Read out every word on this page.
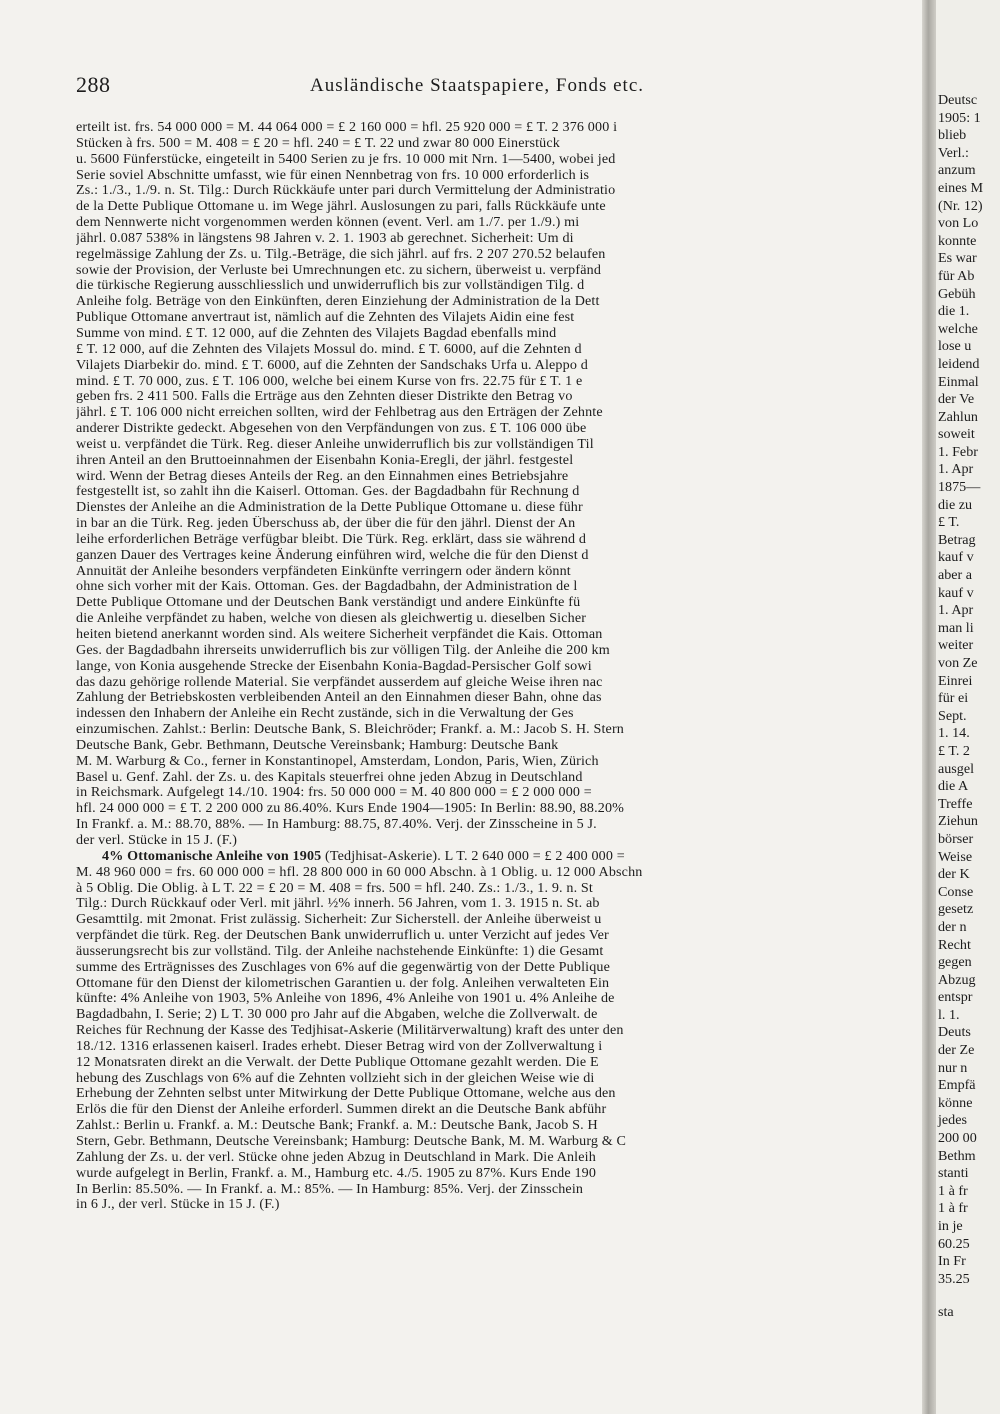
288	Ausländische Staatspapiere, Fonds etc.
erteilt ist. frs. 54 000 000 = M. 44 064 000 = £ 2 160 000 = hfl. 25 920 000 = £ T. 2 376 000 i
Stücken à frs. 500 = M. 408 = £ 20 = hfl. 240 = £ T. 22 und zwar 80 000 Einerstück
u. 5600 Fünferstücke, eingeteilt in 5400 Serien zu je frs. 10 000 mit Nrn. 1—5400, wobei jed
Serie soviel Abschnitte umfasst, wie für einen Nennbetrag von frs. 10 000 erforderlich is
Zs.: 1./3., 1./9. n. St. Tilg.: Durch Rückkäufe unter pari durch Vermittelung der Administratio
de la Dette Publique Ottomane u. im Wege jährl. Auslosungen zu pari, falls Rückkäufe unte
dem Nennwerte nicht vorgenommen werden können (event. Verl. am 1./7. per 1./9.) mi
jährl. 0.087 538% in längstens 98 Jahren v. 2. 1. 1903 ab gerechnet. Sicherheit: Um di
regelmässige Zahlung der Zs. u. Tilg.-Beträge, die sich jährl. auf frs. 2 207 270.52 belaufen
sowie der Provision, der Verluste bei Umrechnungen etc. zu sichern, überweist u. verpfänd
die türkische Regierung ausschliesslich und unwiderruflich bis zur vollständigen Tilg. d
Anleihe folg. Beträge von den Einkünften, deren Einziehung der Administration de la Dett
Publique Ottomane anvertraut ist, nämlich auf die Zehnten des Vilajets Aidin eine fest
Summe von mind. £ T. 12 000, auf die Zehnten des Vilajets Bagdad ebenfalls mind
£ T. 12 000, auf die Zehnten des Vilajets Mossul do. mind. £ T. 6000, auf die Zehnten d
Vilajets Diarbekir do. mind. £ T. 6000, auf die Zehnten der Sandschaks Urfa u. Aleppo d
mind. £ T. 70 000, zus. £ T. 106 000, welche bei einem Kurse von frs. 22.75 für £ T. 1 e
geben frs. 2 411 500. Falls die Erträge aus den Zehnten dieser Distrikte den Betrag vo
jährl. £ T. 106 000 nicht erreichen sollten, wird der Fehlbetrag aus den Erträgen der Zehnte
anderer Distrikte gedeckt. Abgesehen von den Verpfändungen von zus. £ T. 106 000 übe
weist u. verpfändet die Türk. Reg. dieser Anleihe unwiderruflich bis zur vollständigen Til
ihren Anteil an den Bruttoeinnahmen der Eisenbahn Konia-Eregli, der jährl. festgestel
wird. Wenn der Betrag dieses Anteils der Reg. an den Einnahmen eines Betriebsjahre
festgestellt ist, so zahlt ihn die Kaiserl. Ottoman. Ges. der Bagdadbahn für Rechnung d
Dienstes der Anleihe an die Administration de la Dette Publique Ottomane u. diese führ
in bar an die Türk. Reg. jeden Überschuss ab, der über die für den jährl. Dienst der An
leihe erforderlichen Beträge verfügbar bleibt. Die Türk. Reg. erklärt, dass sie während d
ganzen Dauer des Vertrages keine Änderung einführen wird, welche die für den Dienst d
Annuität der Anleihe besonders verpfändeten Einkünfte verringern oder ändern könnt
ohne sich vorher mit der Kais. Ottoman. Ges. der Bagdadbahn, der Administration de l
Dette Publique Ottomane und der Deutschen Bank verständigt und andere Einkünfte fü
die Anleihe verpfändet zu haben, welche von diesen als gleichwertig u. dieselben Sicher
heiten bietend anerkannt worden sind. Als weitere Sicherheit verpfändet die Kais. Ottoman
Ges. der Bagdadbahn ihrerseits unwiderruflich bis zur völligen Tilg. der Anleihe die 200 km
lange, von Konia ausgehende Strecke der Eisenbahn Konia-Bagdad-Persischer Golf sowi
das dazu gehörige rollende Material. Sie verpfändet ausserdem auf gleiche Weise ihren nac
Zahlung der Betriebskosten verbleibenden Anteil an den Einnahmen dieser Bahn, ohne das
indessen den Inhabern der Anleihe ein Recht zustände, sich in die Verwaltung der Ges
einzumischen. Zahlst.: Berlin: Deutsche Bank, S. Bleichröder; Frankf. a. M.: Jacob S. H. Stern
Deutsche Bank, Gebr. Bethmann, Deutsche Vereinsbank; Hamburg: Deutsche Bank
M. M. Warburg & Co., ferner in Konstantinopel, Amsterdam, London, Paris, Wien, Zürich
Basel u. Genf. Zahl. der Zs. u. des Kapitals steuerfrei ohne jeden Abzug in Deutschland
in Reichsmark. Aufgelegt 14./10. 1904: frs. 50 000 000 = M. 40 800 000 = £ 2 000 000 =
hfl. 24 000 000 = £ T. 2 200 000 zu 86.40%. Kurs Ende 1904—1905: In Berlin: 88.90, 88.20%
In Frankf. a. M.: 88.70, 88%. — In Hamburg: 88.75, 87.40%. Verj. der Zinsscheine in 5 J.
der verl. Stücke in 15 J. (F.)
4% Ottomanische Anleihe von 1905 (Tedjhisat-Askerie). L T. 2 640 000 = £ 2 400 000 =
M. 48 960 000 = frs. 60 000 000 = hfl. 28 800 000 in 60 000 Abschn. à 1 Oblig. u. 12 000 Abschn
à 5 Oblig. Die Oblig. à L T. 22 = £ 20 = M. 408 = frs. 500 = hfl. 240. Zs.: 1./3., 1. 9. n. St
Tilg.: Durch Rückkauf oder Verl. mit jährl. ½% innerh. 56 Jahren, vom 1. 3. 1915 n. St. ab
Gesamttilg. mit 2monat. Frist zulässig. Sicherheit: Zur Sicherstell. der Anleihe überweist u
verpfändet die türk. Reg. der Deutschen Bank unwiderruflich u. unter Verzicht auf jedes Ver
äusserungsrecht bis zur vollständ. Tilg. der Anleihe nachstehende Einkünfte: 1) die Gesamt
summe des Erträgnisses des Zuschlages von 6% auf die gegenwärtig von der Dette Publique
Ottomane für den Dienst der kilometrischen Garantien u. der folg. Anleihen verwalteten Ein
künfte: 4% Anleihe von 1903, 5% Anleihe von 1896, 4% Anleihe von 1901 u. 4% Anleihe de
Bagdadbahn, I. Serie; 2) L T. 30 000 pro Jahr auf die Abgaben, welche die Zollverwalt. de
Reiches für Rechnung der Kasse des Tedjhisat-Askerie (Militärverwaltung) kraft des unter den
18./12. 1316 erlassenen kaiserl. Irades erhebt. Dieser Betrag wird von der Zollverwaltung i
12 Monatsraten direkt an die Verwalt. der Dette Publique Ottomane gezahlt werden. Die E
hebung des Zuschlags von 6% auf die Zehnten vollzieht sich in der gleichen Weise wie di
Erhebung der Zehnten selbst unter Mitwirkung der Dette Publique Ottomane, welche aus den
Erlös die für den Dienst der Anleihe erforderl. Summen direkt an die Deutsche Bank abführ
Zahlst.: Berlin u. Frankf. a. M.: Deutsche Bank; Frankf. a. M.: Deutsche Bank, Jacob S. H
Stern, Gebr. Bethmann, Deutsche Vereinsbank; Hamburg: Deutsche Bank, M. M. Warburg & C
Zahlung der Zs. u. der verl. Stücke ohne jeden Abzug in Deutschland in Mark. Die Anleih
wurde aufgelegt in Berlin, Frankf. a. M., Hamburg etc. 4./5. 1905 zu 87%. Kurs Ende 190
In Berlin: 85.50%. — In Frankf. a. M.: 85%. — In Hamburg: 85%. Verj. der Zinsschein
in 6 J., der verl. Stücke in 15 J. (F.)
Deutsc
1905: 1
blieb
Verl.:
anzum
eines M
(Nr. 12)
von Lo
konnte
Es war
für Ab
Gebüh
die 1.
welche
lose u
leidend
Einmal
der Ve
Zahlun
soweit
1. Febr
1. Apr
1875—
die zu
£ T.
Betrag
kauf v
aber a
kauf v
1. Apr
man li
weiter
von Ze
Einrei
für ei
Sept.
1. 14.
£ T. 2
ausgel
die A
Treffe
Ziehun
börser
Weise
der K
Conse
gesetz
der n
Recht
gegen
Abzug
entspr
l. 1.
Deuts
der Ze
nur n
Empfä
könne
jedes
200 00
Bethm
stanti
1 à fr
1 à fr
in je
60.25
In Fr
35.25
sta
